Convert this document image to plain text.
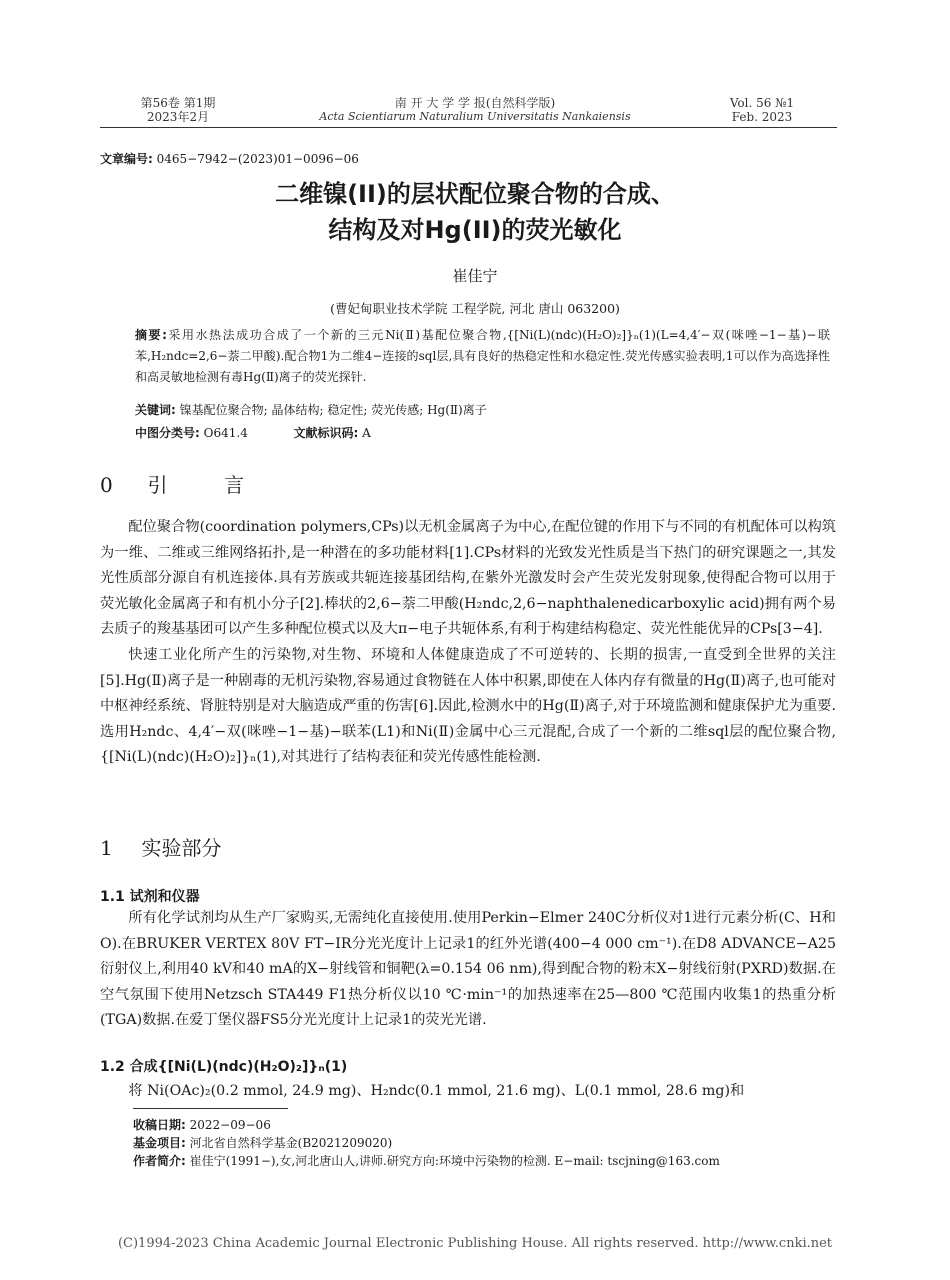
第56卷 第1期
2023年2月
南 开 大 学 学 报(自然科学版)
Acta Scientiarum Naturalium Universitatis Nankaiensis
Vol. 56 №1
Feb. 2023
文章编号: 0465−7942−(2023)01−0096−06
二维镍(II)的层状配位聚合物的合成、
结构及对Hg(II)的荧光敏化
崔佳宁
(曹妃甸职业技术学院 工程学院, 河北 唐山 063200)
摘要:采用水热法成功合成了一个新的三元Ni(Ⅱ)基配位聚合物,{[Ni(L)(ndc)(H₂O)₂]}ₙ(1)(L=4,4′−双(咪唑−1−基)−联苯,H₂ndc=2,6−萘二甲酸).配合物1为二维4−连接的sql层,具有良好的热稳定性和水稳定性.荧光传感实验表明,1可以作为高选择性和高灵敏地检测有毒Hg(Ⅱ)离子的荧光探针.
关键词: 镍基配位聚合物; 晶体结构; 稳定性; 荧光传感; Hg(Ⅱ)离子
中图分类号: O641.4	文献标识码: A
0 引	言

配位聚合物(coordination polymers,CPs)以无机金属离子为中心,在配位键的作用下与不同的有机配体可以构筑为一维、二维或三维网络拓扑,是一种潜在的多功能材料[1].CPs材料的光致发光性质是当下热门的研究课题之一,其发光性质部分源自有机连接体.具有芳族或共轭连接基团结构,在紫外光激发时会产生荧光发射现象,使得配合物可以用于荧光敏化金属离子和有机小分子[2].棒状的2,6−萘二甲酸(H₂ndc,2,6−naphthalenedicarboxylic acid)拥有两个易去质子的羧基基团可以产生多种配位模式以及大π−电子共轭体系,有利于构建结构稳定、荧光性能优异的CPs[3−4].

快速工业化所产生的污染物,对生物、环境和人体健康造成了不可逆转的、长期的损害,一直受到全世界的关注[5].Hg(Ⅱ)离子是一种剧毒的无机污染物,容易通过食物链在人体中积累,即使在人体内存有微量的Hg(Ⅱ)离子,也可能对中枢神经系统、肾脏特别是对大脑造成严重的伤害[6].因此,检测水中的Hg(Ⅱ)离子,对于环境监测和健康保护尤为重要.选用H₂ndc、4,4′−双(咪唑−1−基)−联苯(L1)和Ni(Ⅱ)金属中心三元混配,合成了一个新的二维sql层的配位聚合物,{[Ni(L)(ndc)(H₂O)₂]}ₙ(1),对其进行了结构表征和荧光传感性能检测.

1 实验部分
1.1 试剂和仪器

所有化学试剂均从生产厂家购买,无需纯化直接使用.使用Perkin−Elmer 240C分析仪对1进行元素分析(C、H和O).在BRUKER VERTEX 80V FT−IR分光光度计上记录1的红外光谱(400−4 000 cm⁻¹).在D8 ADVANCE−A25衍射仪上,利用40 kV和40 mA的X−射线管和铜靶(λ=0.154 06 nm),得到配合物的粉末X−射线衍射(PXRD)数据.在空气氛围下使用Netzsch STA449 F1热分析仪以10 ℃·min⁻¹的加热速率在25—800 ℃范围内收集1的热重分析(TGA)数据.在爱丁堡仪器FS5分光光度计上记录1的荧光光谱.

1.2 合成{[Ni(L)(ndc)(H₂O)₂]}ₙ(1)

将 Ni(OAc)₂(0.2 mmol, 24.9 mg)、H₂ndc(0.1 mmol, 21.6 mg)、L(0.1 mmol, 28.6 mg)和

收稿日期: 2022−09−06
基金项目: 河北省自然科学基金(B2021209020)
作者简介: 崔佳宁(1991−),女,河北唐山人,讲师.研究方向:环境中污染物的检测. E−mail: tscjning@163.com
(C)1994-2023 China Academic Journal Electronic Publishing House. All rights reserved. http://www.cnki.net
